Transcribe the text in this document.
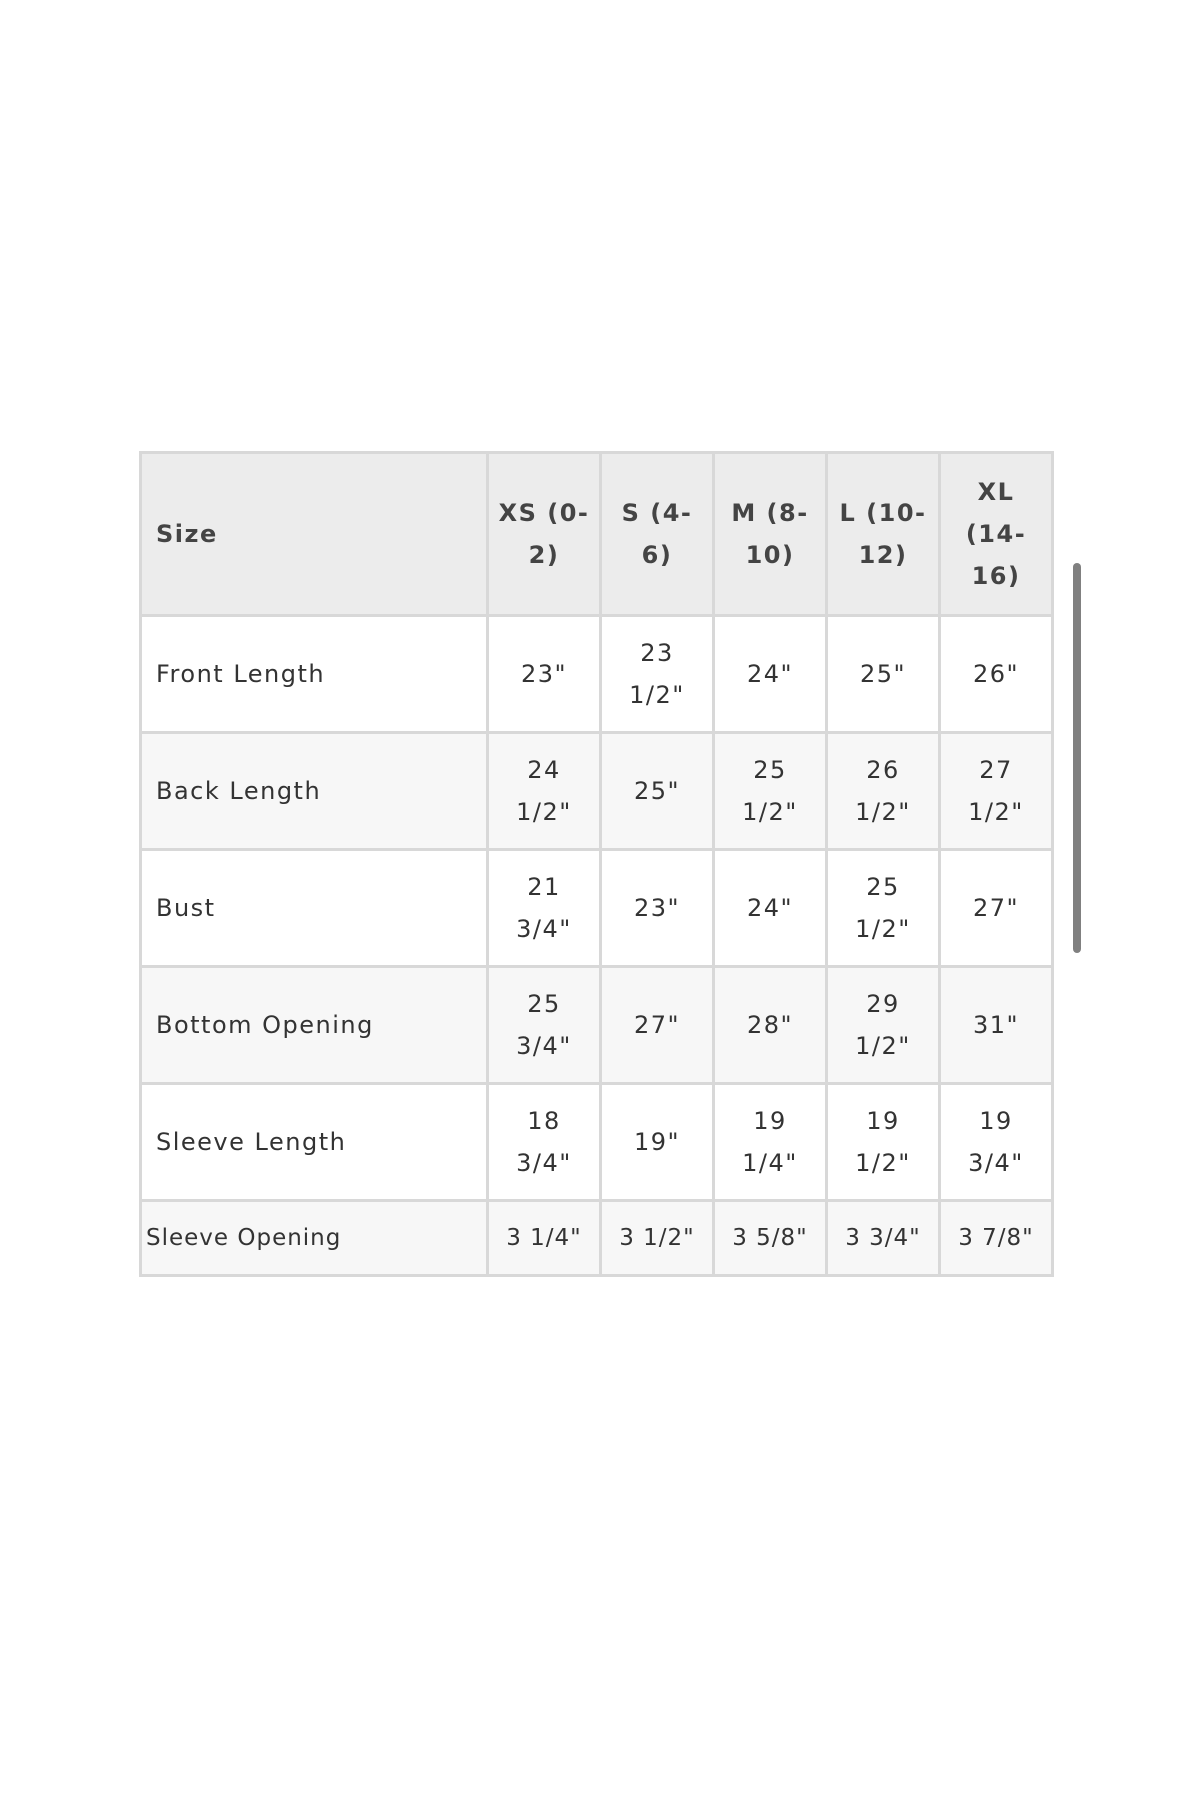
Size	XS (0-2)	S (4-6)	M (8-10)	L (10-12)	XL (14-16)
Front Length	23"	23 1/2"	24"	25"	26"
Back Length	24 1/2"	25"	25 1/2"	26 1/2"	27 1/2"
Bust	21 3/4"	23"	24"	25 1/2"	27"
Bottom Opening	25 3/4"	27"	28"	29 1/2"	31"
Sleeve Length	18 3/4"	19"	19 1/4"	19 1/2"	19 3/4"
Sleeve Opening	3 1/4"	3 1/2"	3 5/8"	3 3/4"	3 7/8"
